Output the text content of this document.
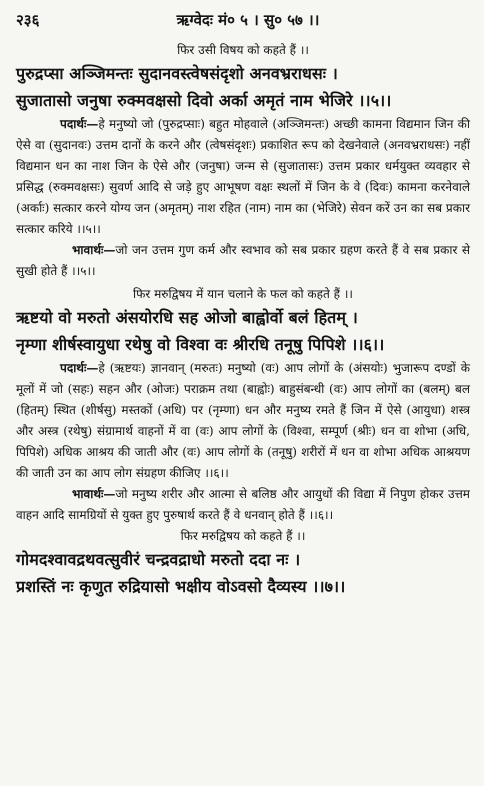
२३६	ऋग्वेदः मं० ५ । सु० ५७ ।।

फिर उसी विषय को कहते हैं ।।

पुरुद्रप्सा अञ्जिमन्तः सुदानवस्त्वेषसंदृशो अनवभ्रराधसः ।

सुजातासो जनुषा रुक्मवक्षसो दिवो अर्का अमृतं नाम भेजिरे ।।५।।

पदार्थः—हे मनुष्यो जो (पुरुद्रप्साः) बहुत मोहवाले (अञ्जिमन्तः) अच्छी कामना विद्यमान जिन की ऐसे वा (सुदानवः) उत्तम दानों के करने और (त्वेषसंदृशः) प्रकाशित रूप को देखनेवाले (अनवभ्रराधसः) नहीं विद्यमान धन का नाश जिन के ऐसे और (जनुषा) जन्म से (सुजातासः) उत्तम प्रकार धर्मयुक्त व्यवहार से प्रसिद्ध (रुक्मवक्षसः) सुवर्ण आदि से जड़े हुए आभूषण वक्षः स्थलों में जिन के वे (दिवः) कामना करनेवाले (अर्काः) सत्कार करने योग्य जन (अमृतम्) नाश रहित (नाम) नाम का (भेजिरे) सेवन करें उन का सब प्रकार सत्कार करिये ।।५।।

भावार्थः—जो जन उत्तम गुण कर्म और स्वभाव को सब प्रकार ग्रहण करते हैं वे सब प्रकार से सुखी होते हैं ।।५।।

फिर मरुद्विषय में यान चलाने के फल को कहते हैं ।।

ऋष्टयो वो मरुतो अंसयोरधि सह ओजो बाह्वोर्वो बलं हितम् ।

नृम्णा शीर्षस्वायुधा रथेषु वो विश्वा वः श्रीरधि तनूषु पिपिशे ।।६।।

पदार्थः—हे (ऋष्टयः) ज्ञानवान् (मरुतः) मनुष्यो (वः) आप लोगों के (अंसयोः) भुजारूप दण्डों के मूलों में जो (सहः) सहन और (ओजः) पराक्रम तथा (बाह्वोः) बाहुसंबन्धी (वः) आप लोगों का (बलम्) बल (हितम्) स्थित (शीर्षसु) मस्तकों (अधि) पर (नृम्णा) धन और मनुष्य रमते हैं जिन में ऐसे (आयुधा) शस्त्र और अस्त्र (रथेषु) संग्रामार्थ वाहनों में वा (वः) आप लोगों के (विश्वा, सम्पूर्ण (श्रीः) धन वा शोभा (अधि, पिपिशे) अधिक आश्रय की जाती और (वः) आप लोगों के (तनूषु) शरीरों में धन वा शोभा अधिक आश्रयण की जाती उन का आप लोग संग्रहण कीजिए ।।६।।

भावार्थः—जो मनुष्य शरीर और आत्मा से बलिष्ठ और आयुधों की विद्या में निपुण होकर उत्तम वाहन आदि सामग्रियों से युक्त हुए पुरुषार्थ करते हैं वे धनवान् होते हैं ।।६।।

फिर मरुद्विषय को कहते हैं ।।

गोमदश्वावद्रथवत्सुवीरं चन्द्रवद्राधो मरुतो ददा नः ।

प्रशस्तिं नः कृणुत रुद्रियासो भक्षीय वोऽवसो दैव्यस्य ।।७।।
